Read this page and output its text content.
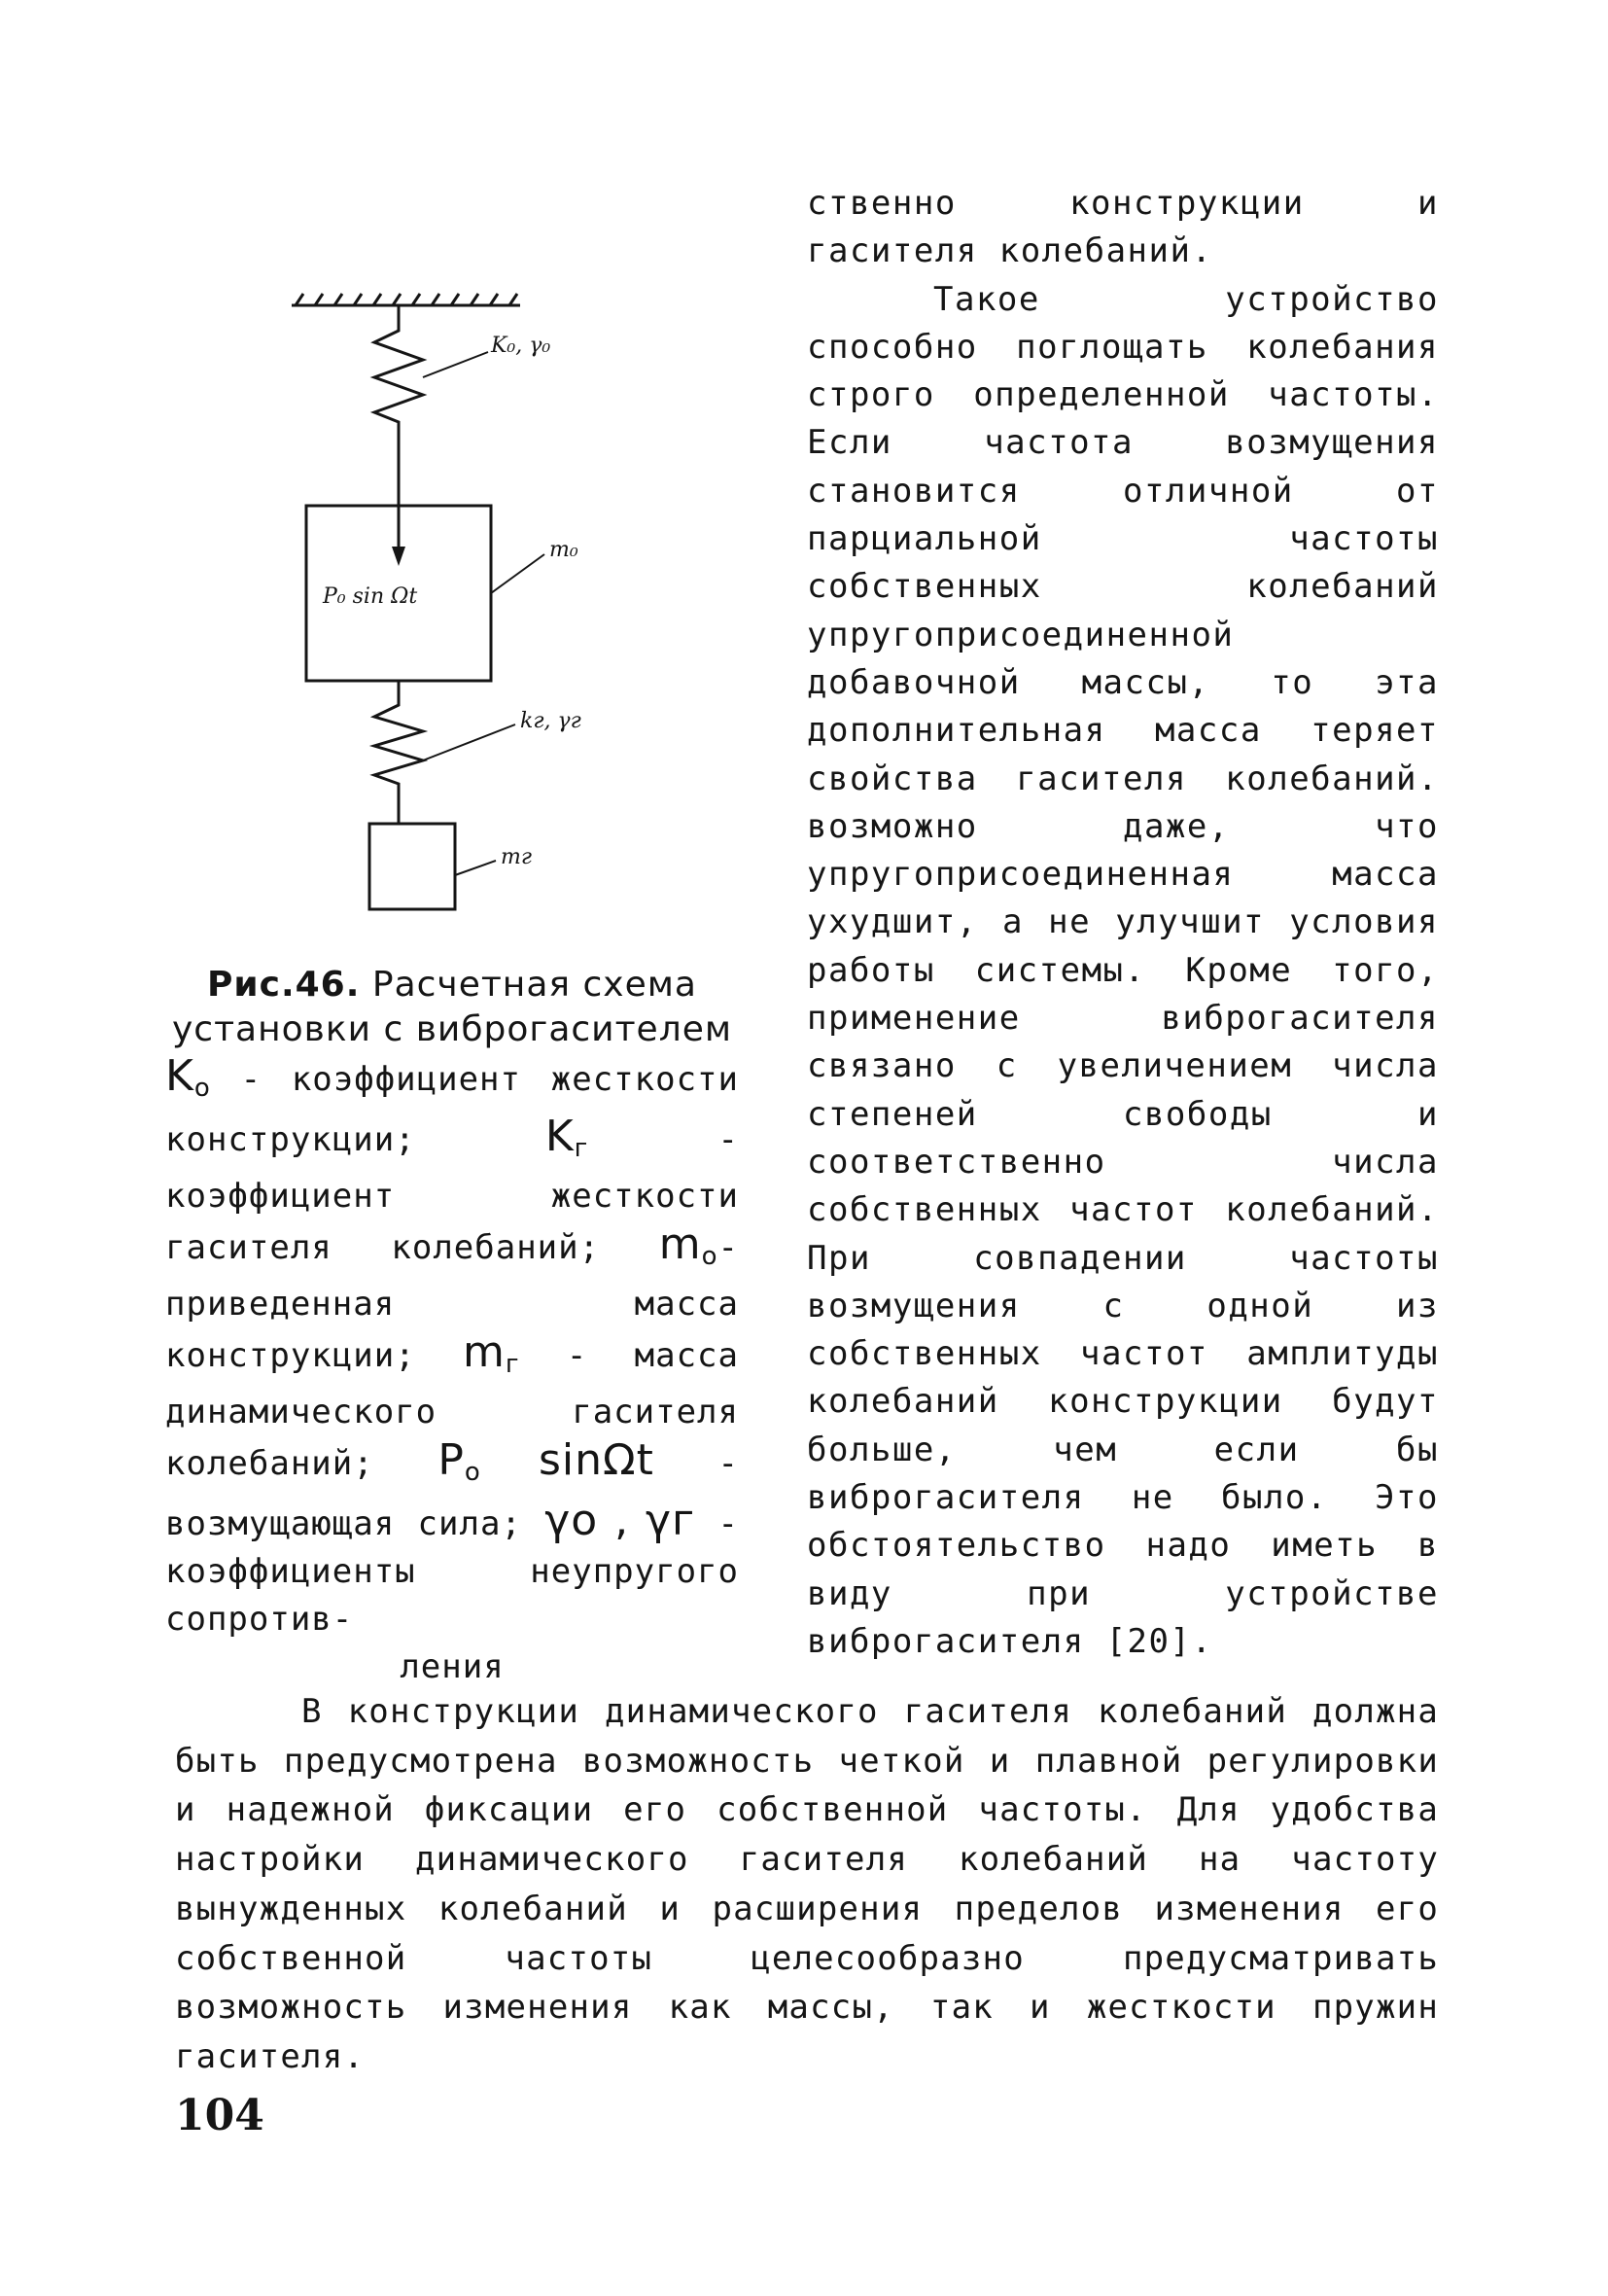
K₀, γ₀
P₀ sin Ωt
m₀
kг, γг
mг
Рис.46. Расчетная схема установки с виброгасителем
$K_о$ - коэффициент жесткости конструкции; $K_г$ - коэффициент жесткости гасителя колебаний; $m_о-$ приведенная масса конструкции; $m_г$ - масса динамического гасителя колебаний; $P_о$ sinΩt - возмущающая сила; γо , γг - коэффициенты неупругого сопротив-
ления

ственно конструкции и гасителя колебаний.

Такое устройство способно поглощать колебания строго определенной частоты. Если частота возмущения становится отличной от парциальной частоты собственных колебаний упругоприсоединенной добавочной массы, то эта дополнительная масса теряет свойства гасителя колебаний. возможно даже, что упругоприсоединенная масса ухудшит, а не улучшит условия работы системы. Кроме того, применение виброгасителя связано с увеличением числа степеней свободы и соответственно числа собственных частот колебаний. При совпадении частоты возмущения с одной из собственных частот амплитуды колебаний конструкции будут больше, чем если бы виброгасителя не было. Это обстоятельство надо иметь в виду при устройстве виброгасителя [20].

В конструкции динамического гасителя колебаний должна быть предусмотрена возможность четкой и плавной регулировки и надежной фиксации его собственной частоты. Для удобства настройки динамического гасителя колебаний на частоту вынужденных колебаний и расширения пределов изменения его собственной частоты целесообразно предусматривать возможность изменения как массы, так и жесткости пружин гасителя.
104
